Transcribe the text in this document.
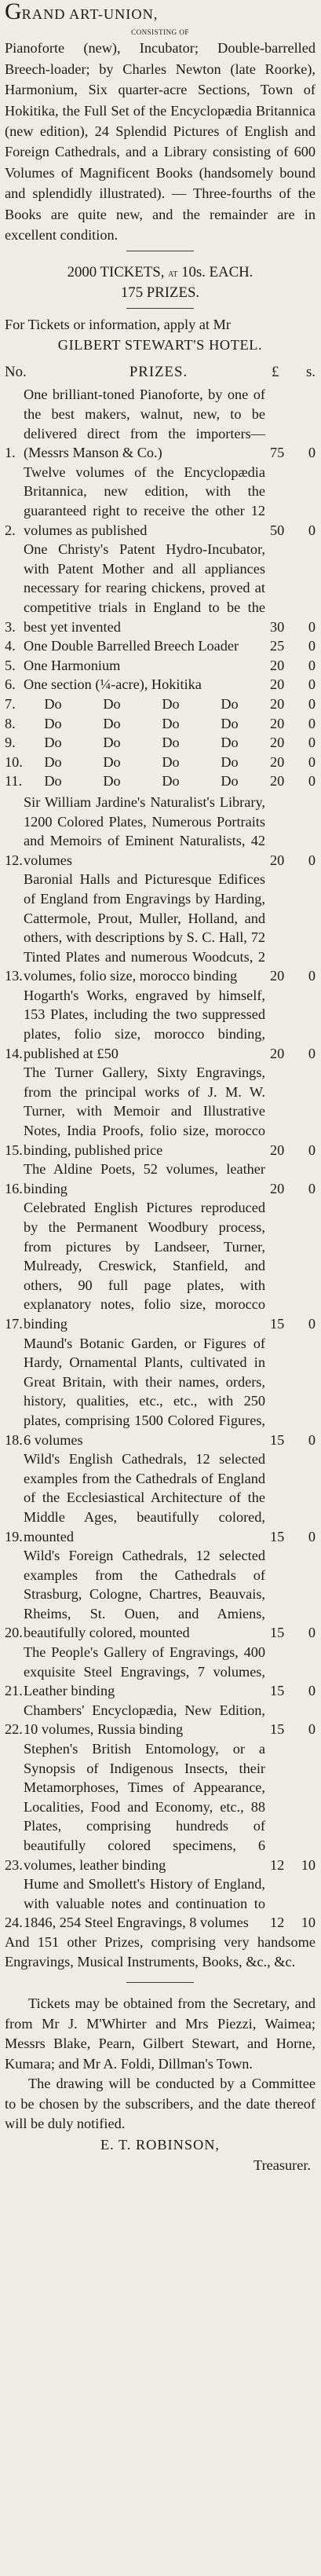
GRAND ART-UNION,
CONSISTING OF
Pianoforte (new), Incubator; Double-barrelled Breech-loader; by Charles Newton (late Roorke), Harmonium, Six quarter-acre Sections, Town of Hokitika, the Full Set of the Encyclopædia Britannica (new edition), 24 Splendid Pictures of English and Foreign Cathedrals, and a Library consisting of 600 Volumes of Magnificent Books (handsomely bound and splendidly illustrated). — Three-fourths of the Books are quite new, and the remainder are in excellent condition.

2000 TICKETS, at 10s. EACH.

175 PRIZES.

For Tickets or information, apply at Mr
GILBERT STEWART'S HOTEL.

No.	PRIZES.	£ s.
1.
One brilliant-toned Pianoforte, by one of the best makers, walnut, new, to be delivered direct from the importers—(Messrs Manson & Co.)	75	0
2.
Twelve volumes of the Encyclopædia Britannica, new edition, with the guaranteed right to receive the other 12 volumes as published	50	0
3.
One Christy's Patent Hydro-Incubator, with Patent Mother and all appliances necessary for rearing chickens, proved at competitive trials in England to be the best yet invented	30	0
4. One Double Barrelled Breech Loader	25	0
5. One Harmonium	20	0
6. One section (¼-acre), Hokitika	20	0
7.	Do	Do	Do	Do 20	0
8.	Do	Do	Do	Do 20	0
9.	Do	Do	Do	Do 20	0
10. Do	Do	Do	Do 20	0
11. Do	Do	Do	Do 20	0
12.
Sir William Jardine's Naturalist's Library, 1200 Colored Plates, Numerous Portraits and Memoirs of Eminent Naturalists, 42 volumes	20	0
13.
Baronial Halls and Picturesque Edifices of England from Engravings by Harding, Cattermole, Prout, Muller, Holland, and others, with descriptions by S. C. Hall, 72 Tinted Plates and numerous Woodcuts, 2 volumes, folio size, morocco binding	20	0
14.
Hogarth's Works, engraved by himself, 153 Plates, including the two suppressed plates, folio size, morocco binding, published at £50	20	0
15.
The Turner Gallery, Sixty Engravings, from the principal works of J. M. W. Turner, with Memoir and Illustrative Notes, India Proofs, folio size, morocco binding, published price	20	0
16.
The Aldine Poets, 52 volumes, leather binding	20	0
17.
Celebrated English Pictures reproduced by the Permanent Woodbury process, from pictures by Landseer, Turner, Mulready, Creswick, Stanfield, and others, 90 full page plates, with explanatory notes, folio size, morocco binding	15	0
18.
Maund's Botanic Garden, or Figures of Hardy, Ornamental Plants, cultivated in Great Britain, with their names, orders, history, qualities, etc., etc., with 250 plates, comprising 1500 Colored Figures, 6 volumes	15	0
19.
Wild's English Cathedrals, 12 selected examples from the Cathedrals of England of the Ecclesiastical Architecture of the Middle Ages, beautifully colored, mounted	15	0
20.
Wild's Foreign Cathedrals, 12 selected examples from the Cathedrals of Strasburg, Cologne, Chartres, Beauvais, Rheims, St. Ouen, and Amiens, beautifully colored, mounted	15	0
21.
The People's Gallery of Engravings, 400 exquisite Steel Engravings, 7 volumes, Leather binding	15	0
22.
Chambers' Encyclopædia, New Edition, 10 volumes, Russia binding	15	0
23.
Stephen's British Entomology, or a Synopsis of Indigenous Insects, their Metamorphoses, Times of Appearance, Localities, Food and Economy, etc., 88 Plates, comprising hundreds of beautifully colored specimens, 6 volumes, leather binding	12 10
24.
Hume and Smollett's History of England, with valuable notes and continuation to 1846, 254 Steel Engravings, 8 volumes	12 10

And 151 other Prizes, comprising very handsome Engravings, Musical Instruments, Books, &c., &c.

Tickets may be obtained from the Secretary, and from Mr J. M'Whirter and Mrs Piezzi, Waimea; Messrs Blake, Pearn, Gilbert Stewart, and Horne, Kumara; and Mr A. Foldi, Dillman's Town.

The drawing will be conducted by a Committee to be chosen by the subscribers, and the date thereof will be duly notified.

E. T. ROBINSON,

Treasurer.
